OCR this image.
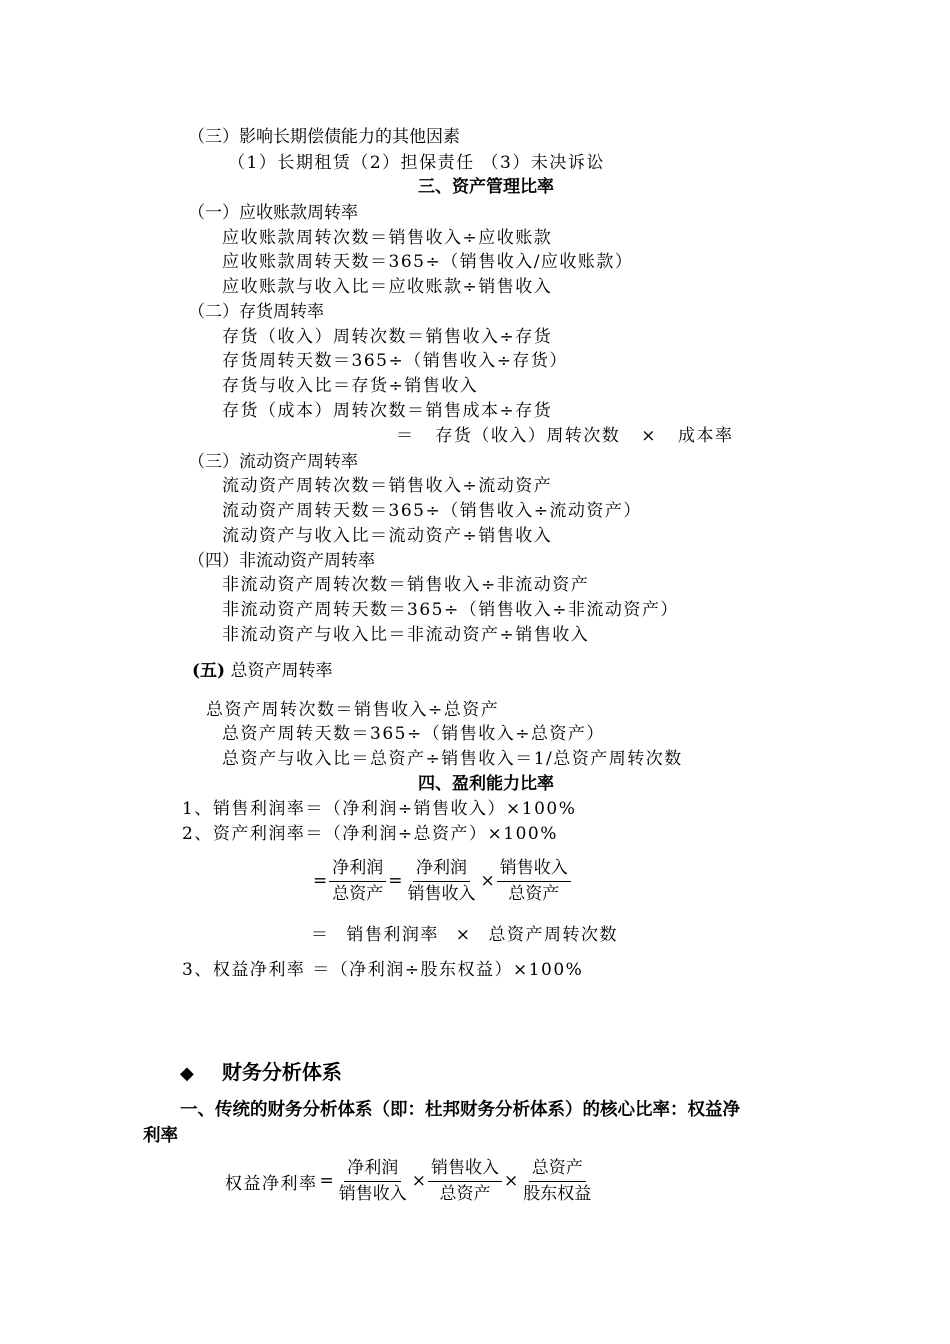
（三）影响长期偿债能力的其他因素
（1）长期租赁（2）担保责任 （3）未决诉讼
三、资产管理比率
（一）应收账款周转率
应收账款周转次数＝销售收入÷应收账款
应收账款周转天数＝365÷（销售收入/应收账款）
应收账款与收入比＝应收账款÷销售收入
（二）存货周转率
存货（收入）周转次数＝销售收入÷存货
存货周转天数＝365÷（销售收入÷存货）
存货与收入比＝存货÷销售收入
存货（成本）周转次数＝销售成本÷存货
＝ 存货（收入）周转次数 × 成本率
（三）流动资产周转率
流动资产周转次数＝销售收入÷流动资产
流动资产周转天数＝365÷（销售收入÷流动资产）
流动资产与收入比＝流动资产÷销售收入
（四）非流动资产周转率
非流动资产周转次数＝销售收入÷非流动资产
非流动资产周转天数＝365÷（销售收入÷非流动资产）
非流动资产与收入比＝非流动资产÷销售收入
(五) 总资产周转率
总资产周转次数＝销售收入÷总资产
总资产周转天数＝365÷（销售收入÷总资产）
总资产与收入比＝总资产÷销售收入＝1/总资产周转次数
四、盈利能力比率
1、销售利润率＝（净利润÷销售收入）×100%
2、资产利润率＝（净利润÷总资产）×100%
= $\frac{\text{净利润}}{\text{总资产}} = \frac{\text{净利润}}{\text{销售收入}} \times \frac{\text{销售收入}}{\text{总资产}}$
＝ 销售利润率 × 总资产周转次数
3、权益净利率 ＝（净利润÷股东权益）×100%
◆ 财务分析体系
一、传统的财务分析体系（即：杜邦财务分析体系）的核心比率：权益净
利率
权益净利率 = $\frac{\text{净利润}}{\text{销售收入}} \times \frac{\text{销售收入}}{\text{总资产}} \times \frac{\text{总资产}}{\text{股东权益}}$
